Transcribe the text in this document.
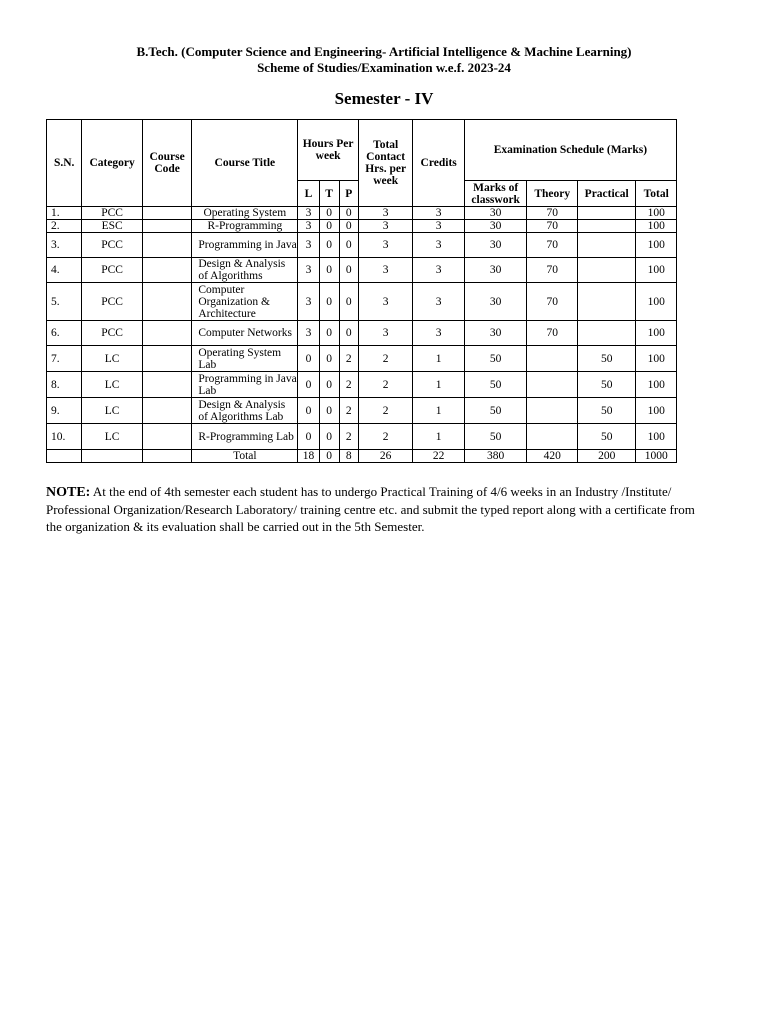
B.Tech. (Computer Science and Engineering- Artificial Intelligence & Machine Learning)
Scheme of Studies/Examination w.e.f. 2023-24
Semester - IV
S.N.	Category	Course Code	Course Title	Hours Per week			Total Contact Hrs. per week	Credits	Examination Schedule (Marks)			
				L	T	P			Marks of classwork	Theory	Practical	Total
1.	PCC		Operating System	3	0	0	3	3	30	70		100
2.	ESC		R-Programming	3	0	0	3	3	30	70		100
3.	PCC		Programming in Java	3	0	0	3	3	30	70		100
4.	PCC		Design & Analysis of Algorithms	3	0	0	3	3	30	70		100
5.	PCC		Computer Organization & Architecture	3	0	0	3	3	30	70		100
6.	PCC		Computer Networks	3	0	0	3	3	30	70		100
7.	LC		Operating System Lab	0	0	2	2	1	50		50	100
8.	LC		Programming in Java Lab	0	0	2	2	1	50		50	100
9.	LC		Design & Analysis of Algorithms Lab	0	0	2	2	1	50		50	100
10.	LC		R-Programming Lab	0	0	2	2	1	50		50	100
			Total	18	0	8	26	22	380	420	200	1000
NOTE: At the end of 4th semester each student has to undergo Practical Training of 4/6 weeks in an Industry /Institute/ Professional Organization/Research Laboratory/ training centre etc. and submit the typed report along with a certificate from the organization & its evaluation shall be carried out in the 5th Semester.
